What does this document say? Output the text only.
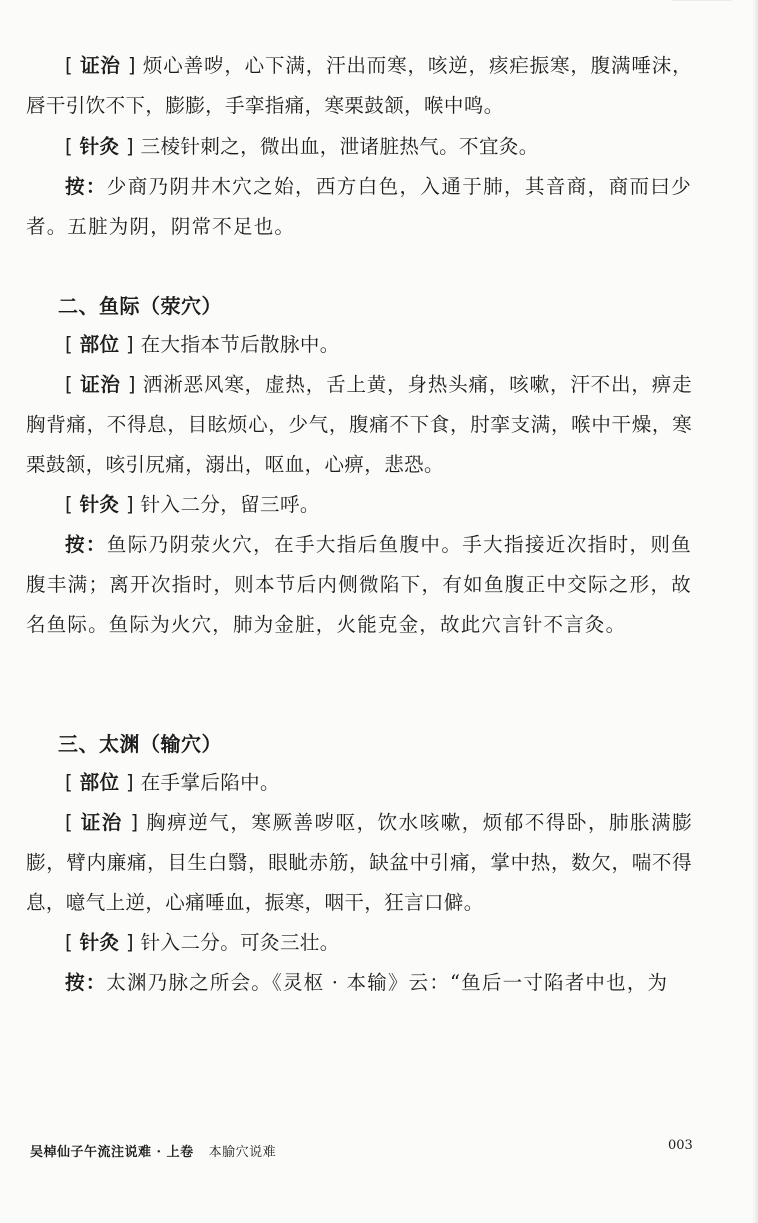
[ 证治 ] 烦心善哕，心下满，汗出而寒，咳逆，痎疟振寒，腹满唾沫，唇干引饮不下，膨膨，手挛指痛，寒栗鼓颔，喉中鸣。

[ 针灸 ] 三棱针刺之，微出血，泄诸脏热气。不宜灸。

按：少商乃阴井木穴之始，西方白色，入通于肺，其音商，商而曰少者。五脏为阴，阴常不足也。

二、鱼际（荥穴）

[ 部位 ] 在大指本节后散脉中。

[ 证治 ] 洒淅恶风寒，虚热，舌上黄，身热头痛，咳嗽，汗不出，痹走胸背痛，不得息，目眩烦心，少气，腹痛不下食，肘挛支满，喉中干燥，寒栗鼓颔，咳引尻痛，溺出，呕血，心痹，悲恐。

[ 针灸 ] 针入二分，留三呼。

按：鱼际乃阴荥火穴，在手大指后鱼腹中。手大指接近次指时，则鱼腹丰满；离开次指时，则本节后内侧微陷下，有如鱼腹正中交际之形，故名鱼际。鱼际为火穴，肺为金脏，火能克金，故此穴言针不言灸。

三、太渊（输穴）

[ 部位 ] 在手掌后陷中。

[ 证治 ] 胸痹逆气，寒厥善哕呕，饮水咳嗽，烦郁不得卧，肺胀满膨膨，臂内廉痛，目生白翳，眼眦赤筋，缺盆中引痛，掌中热，数欠，喘不得息，噫气上逆，心痛唾血，振寒，咽干，狂言口僻。

[ 针灸 ] 针入二分。可灸三壮。

按：太渊乃脉之所会。《灵枢 · 本输》云：“鱼后一寸陷者中也，为

吴棹仙子午流注说难 · 上卷 本腧穴说难	003
